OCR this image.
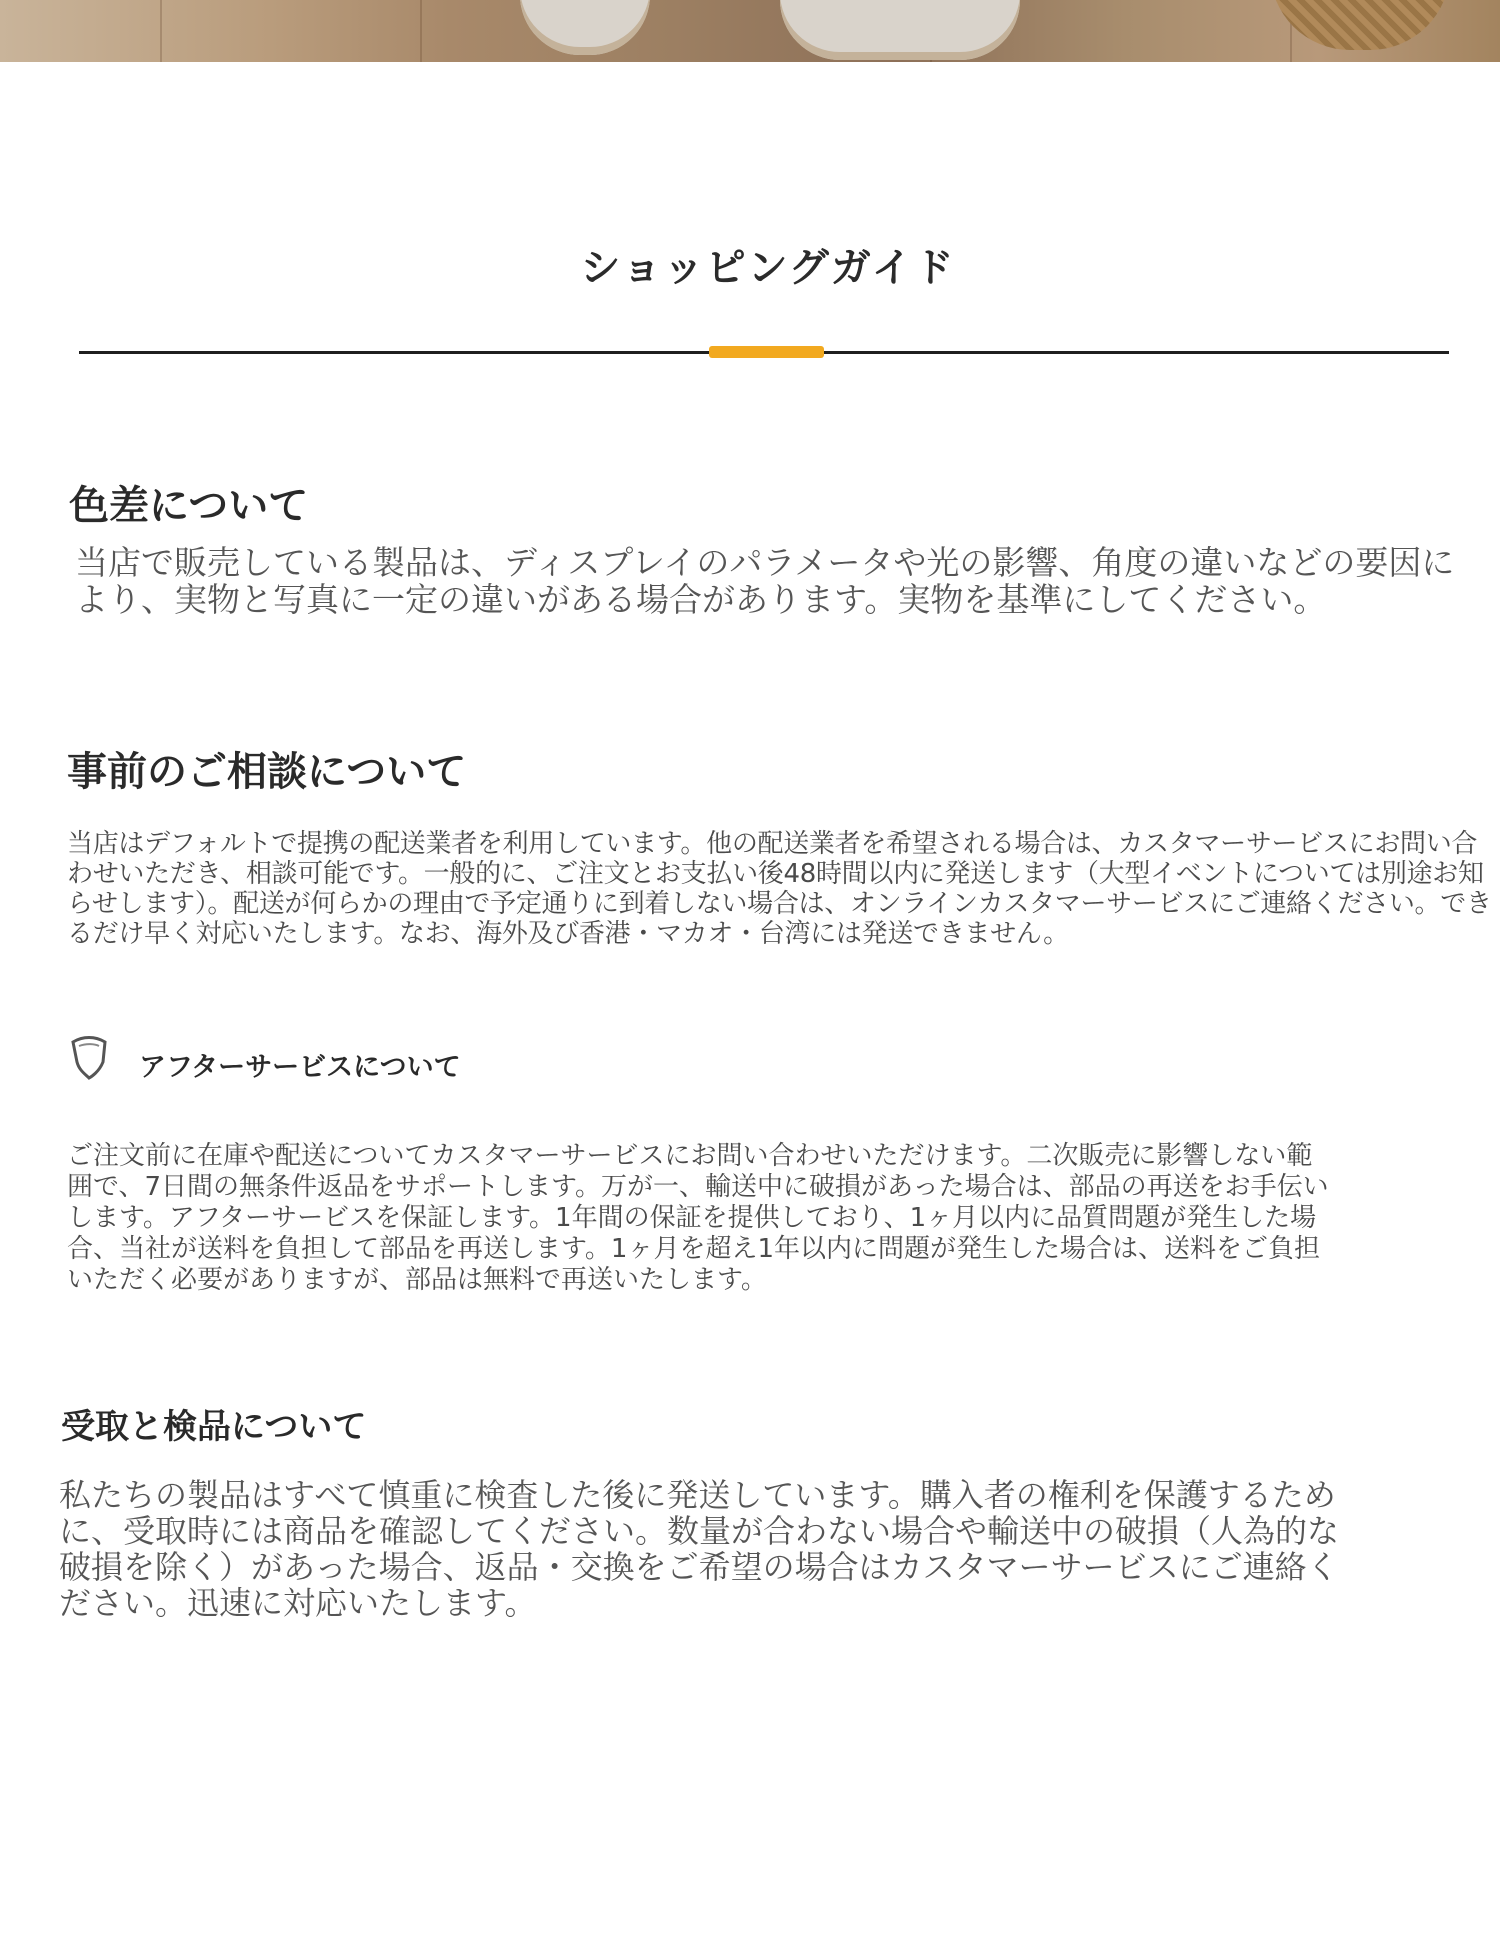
ショッピングガイド
色差について

当店で販売している製品は、ディスプレイのパラメータや光の影響、角度の違いなどの要因により、実物と写真に一定の違いがある場合があります。実物を基準にしてください。

事前のご相談について

当店はデフォルトで提携の配送業者を利用しています。他の配送業者を希望される場合は、カスタマーサービスにお問い合わせいただき、相談可能です。一般的に、ご注文とお支払い後48時間以内に発送します（大型イベントについては別途お知らせします）。配送が何らかの理由で予定通りに到着しない場合は、オンラインカスタマーサービスにご連絡ください。できるだけ早く対応いたします。なお、海外及び香港・マカオ・台湾には発送できません。

アフターサービスについて

ご注文前に在庫や配送についてカスタマーサービスにお問い合わせいただけます。二次販売に影響しない範囲で、7日間の無条件返品をサポートします。万が一、輸送中に破損があった場合は、部品の再送をお手伝いします。アフターサービスを保証します。1年間の保証を提供しており、1ヶ月以内に品質問題が発生した場合、当社が送料を負担して部品を再送します。1ヶ月を超え1年以内に問題が発生した場合は、送料をご負担いただく必要がありますが、部品は無料で再送いたします。

受取と検品について

私たちの製品はすべて慎重に検査した後に発送しています。購入者の権利を保護するために、受取時には商品を確認してください。数量が合わない場合や輸送中の破損（人為的な破損を除く）があった場合、返品・交換をご希望の場合はカスタマーサービスにご連絡ください。迅速に対応いたします。
